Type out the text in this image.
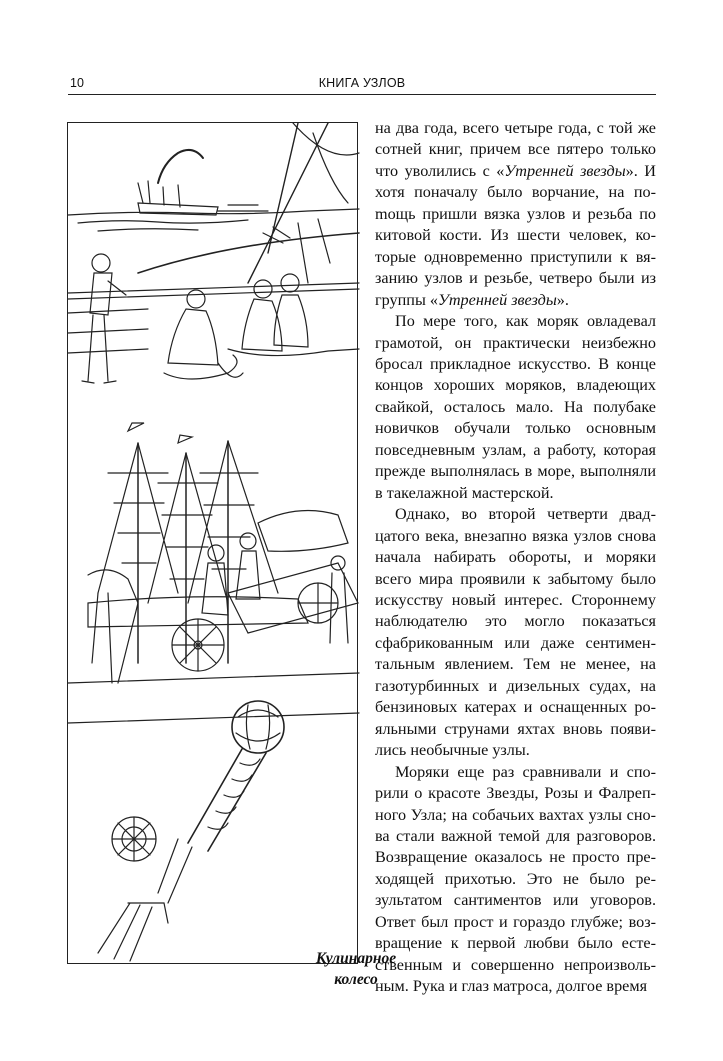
10	КНИГА УЗЛОВ
Кулинарное
колесо

на два года, всего четыре года, с той же сотней книг, причем все пятеро только что уволились с «Утренней звезды». И хотя поначалу было ворчание, на поmощь пришли вязка узлов и резьба по китовой кости. Из шести человек, которые одновременно приступили к вязанию узлов и резьбе, четверо были из группы «Утренней звезды».

По мере того, как моряк овладевал грамотой, он практически неизбежно бросал прикладное искусство. В конце концов хороших моряков, владеющих свайкой, осталось мало. На полубаке новичков обучали только основным повседневным узлам, а работу, которая прежде выполнялась в море, выполняли в такелажной мастерской.

Однако, во второй четверти двадцатого века, внезапно вязка узлов снова начала набирать обороты, и моряки всего мира проявили к забытому было искусству новый интерес. Стороннeму наблюдателю это могло показаться сфабрикованным или даже сентиментальным явлением. Тем не менее, на газотурбинных и дизельных судах, на бензиновых катерах и оснащенных рояльными струнами яхтах вновь появились необычные узлы.

Моряки еще раз сравнивали и спорили о красоте Звезды, Розы и Фалрепного Узла; на собачьих вахтах узлы снова стали важной темой для разговоров. Возвращение оказалось не просто преходящей прихотью. Это не было результатом сантиментов или уговоров. Ответ был прост и гораздо глубже; возвращение к первой любви было естественным и совершенно непроизвольным. Рука и глаз матроса, долгое время
